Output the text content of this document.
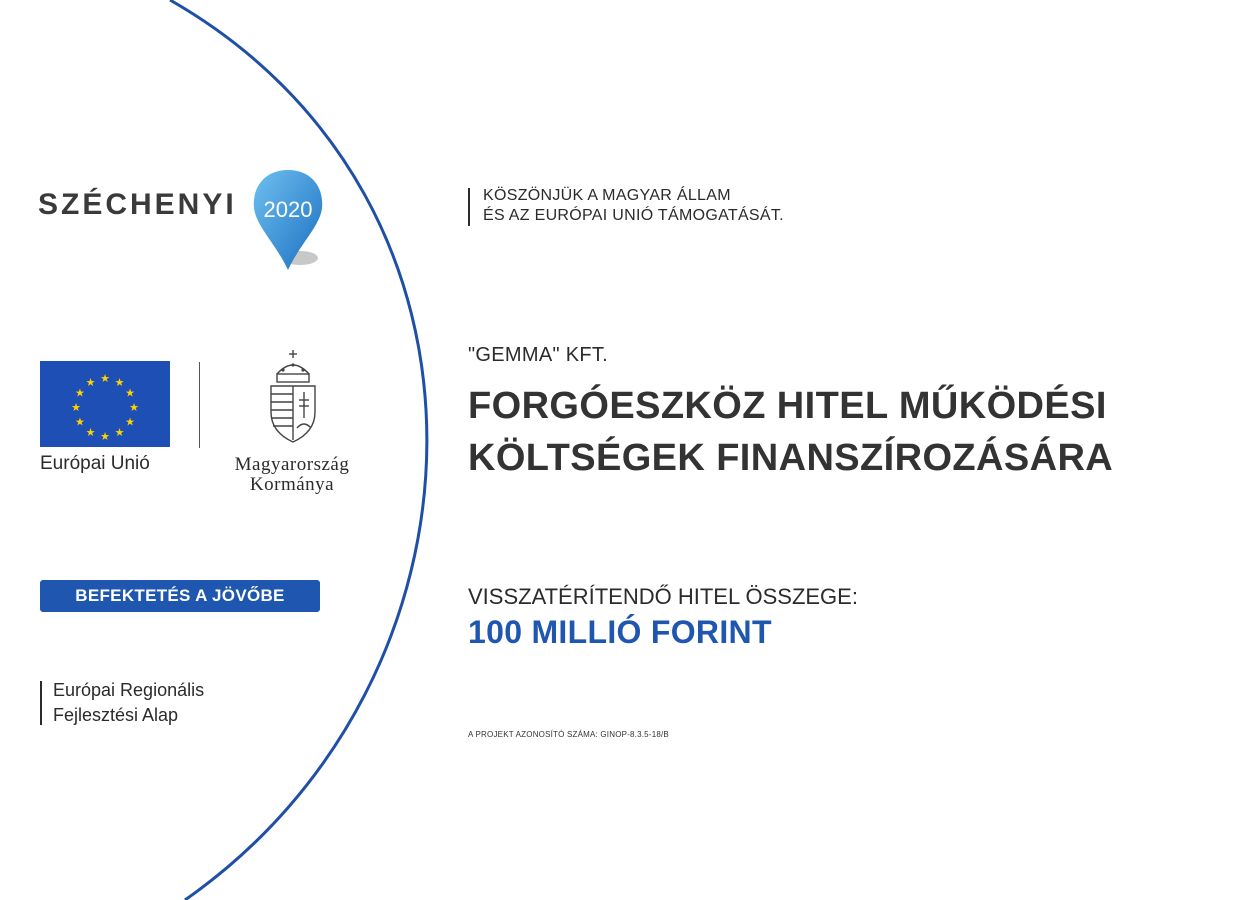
SZÉCHENYI 2020
★ ★
★
★
★
★
★
★
★
★
★
★
Európai Unió	Magyarország
Kormánya
BEFEKTETÉS A JÖVŐBE
Európai Regionális
Fejlesztési Alap
KÖSZÖNJÜK A MAGYAR ÁLLAM
ÉS AZ EURÓPAI UNIÓ TÁMOGATÁSÁT.
"GEMMA" KFT.
FORGÓESZKÖZ HITEL MŰKÖDÉSI
KÖLTSÉGEK FINANSZÍROZÁSÁRA
VISSZATÉRÍTENDŐ HITEL ÖSSZEGE:
100 MILLIÓ FORINT
A PROJEKT AZONOSÍTÓ SZÁMA: GINOP-8.3.5-18/B
